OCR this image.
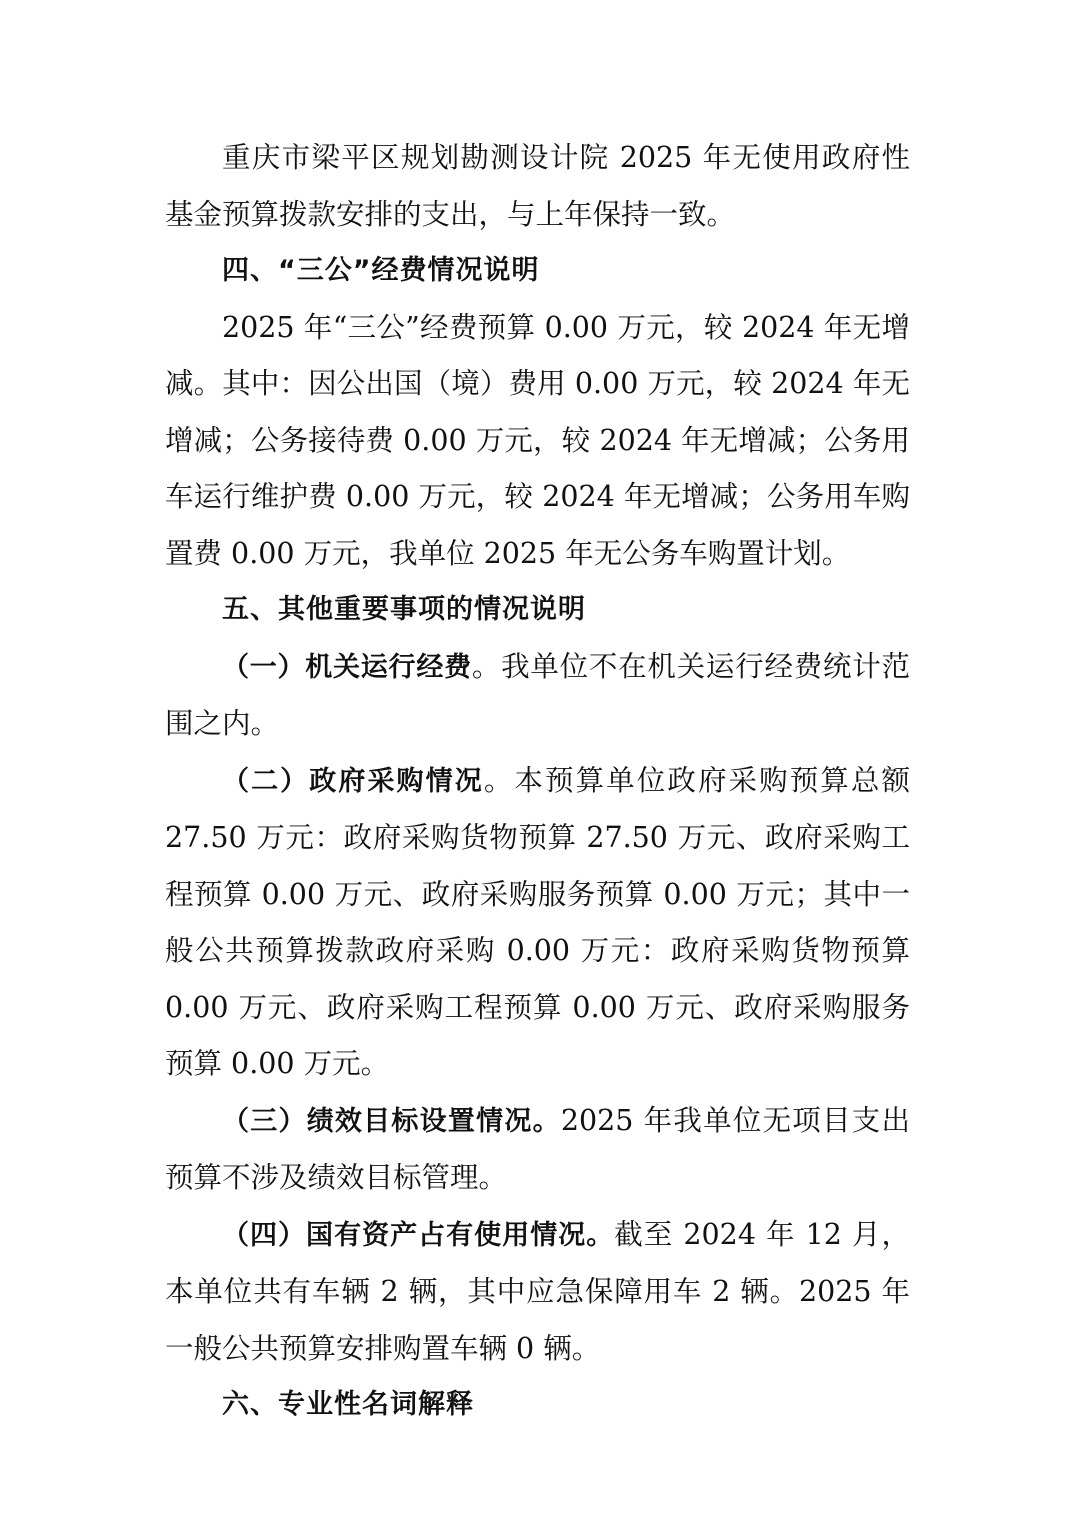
重庆市梁平区规划勘测设计院 2025 年无使用政府性基金预算拨款安排的支出，与上年保持一致。

四、“三公”经费情况说明

2025 年“三公”经费预算 0.00 万元，较 2024 年无增减。其中：因公出国（境）费用 0.00 万元，较 2024 年无增减；公务接待费 0.00 万元，较 2024 年无增减；公务用车运行维护费 0.00 万元，较 2024 年无增减；公务用车购置费 0.00 万元，我单位 2025 年无公务车购置计划。

五、其他重要事项的情况说明

（一）机关运行经费。我单位不在机关运行经费统计范围之内。

（二）政府采购情况。本预算单位政府采购预算总额 27.50 万元：政府采购货物预算 27.50 万元、政府采购工程预算 0.00 万元、政府采购服务预算 0.00 万元；其中一般公共预算拨款政府采购 0.00 万元：政府采购货物预算 0.00 万元、政府采购工程预算 0.00 万元、政府采购服务预算 0.00 万元。

（三）绩效目标设置情况。2025 年我单位无项目支出预算不涉及绩效目标管理。

（四）国有资产占有使用情况。截至 2024 年 12 月，本单位共有车辆 2 辆，其中应急保障用车 2 辆。2025 年一般公共预算安排购置车辆 0 辆。

六、专业性名词解释
